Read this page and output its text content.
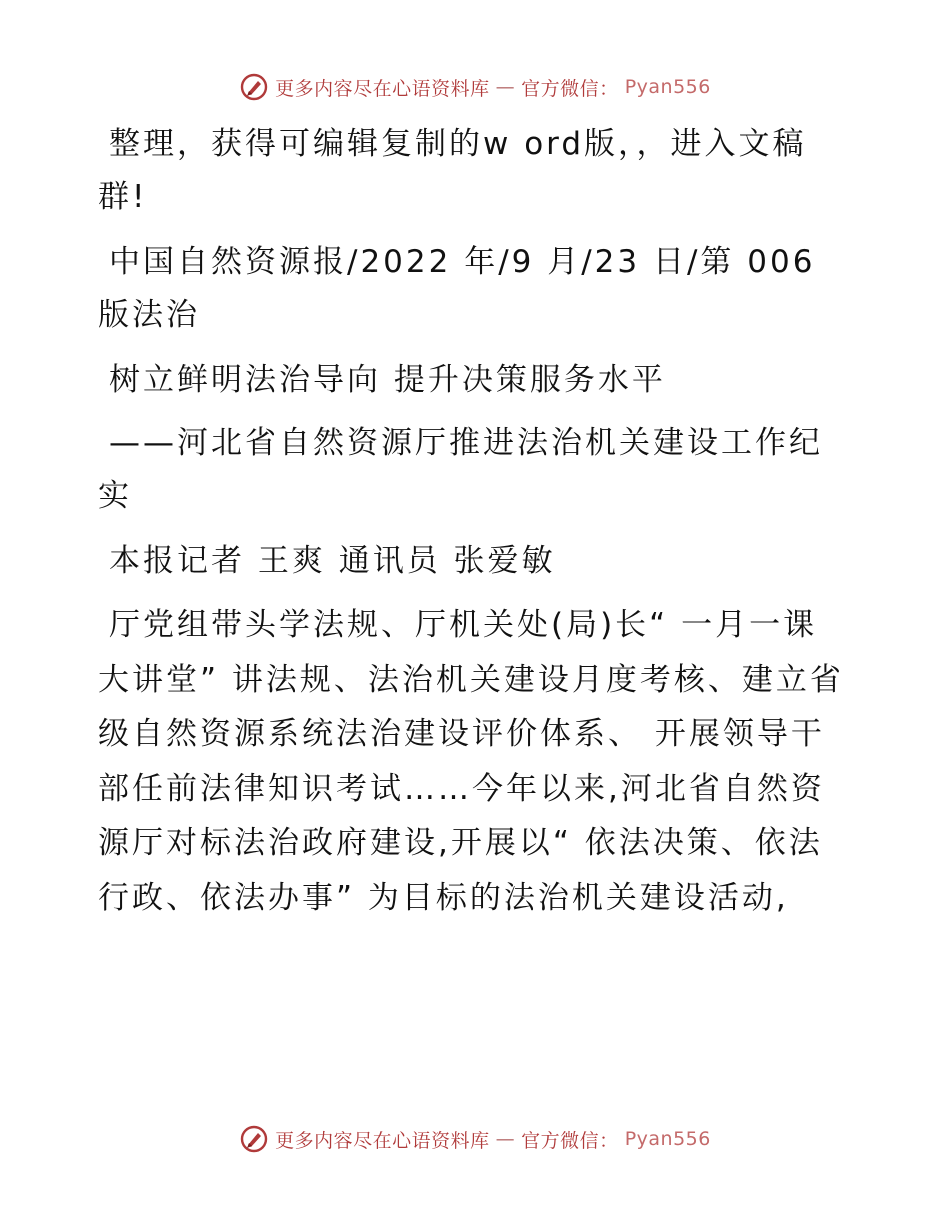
更多内容尽在心语资料库 — 官方微信： Pyan556

整理，获得可编辑复制的w ord版，，进入文稿群!

中国自然资源报/2022 年/9 月/23 日/第 006 版法治

树立鲜明法治导向 提升决策服务水平

——河北省自然资源厅推进法治机关建设工作纪实

本报记者 王爽 通讯员 张爱敏

厅党组带头学法规、厅机关处(局)长“ 一月一课大讲堂” 讲法规、法治机关建设月度考核、建立省级自然资源系统法治建设评价体系、 开展领导干部任前法律知识考试……今年以来,河北省自然资源厅对标法治政府建设,开展以“ 依法决策、依法行政、依法办事” 为目标的法治机关建设活动,

更多内容尽在心语资料库 — 官方微信： Pyan556
